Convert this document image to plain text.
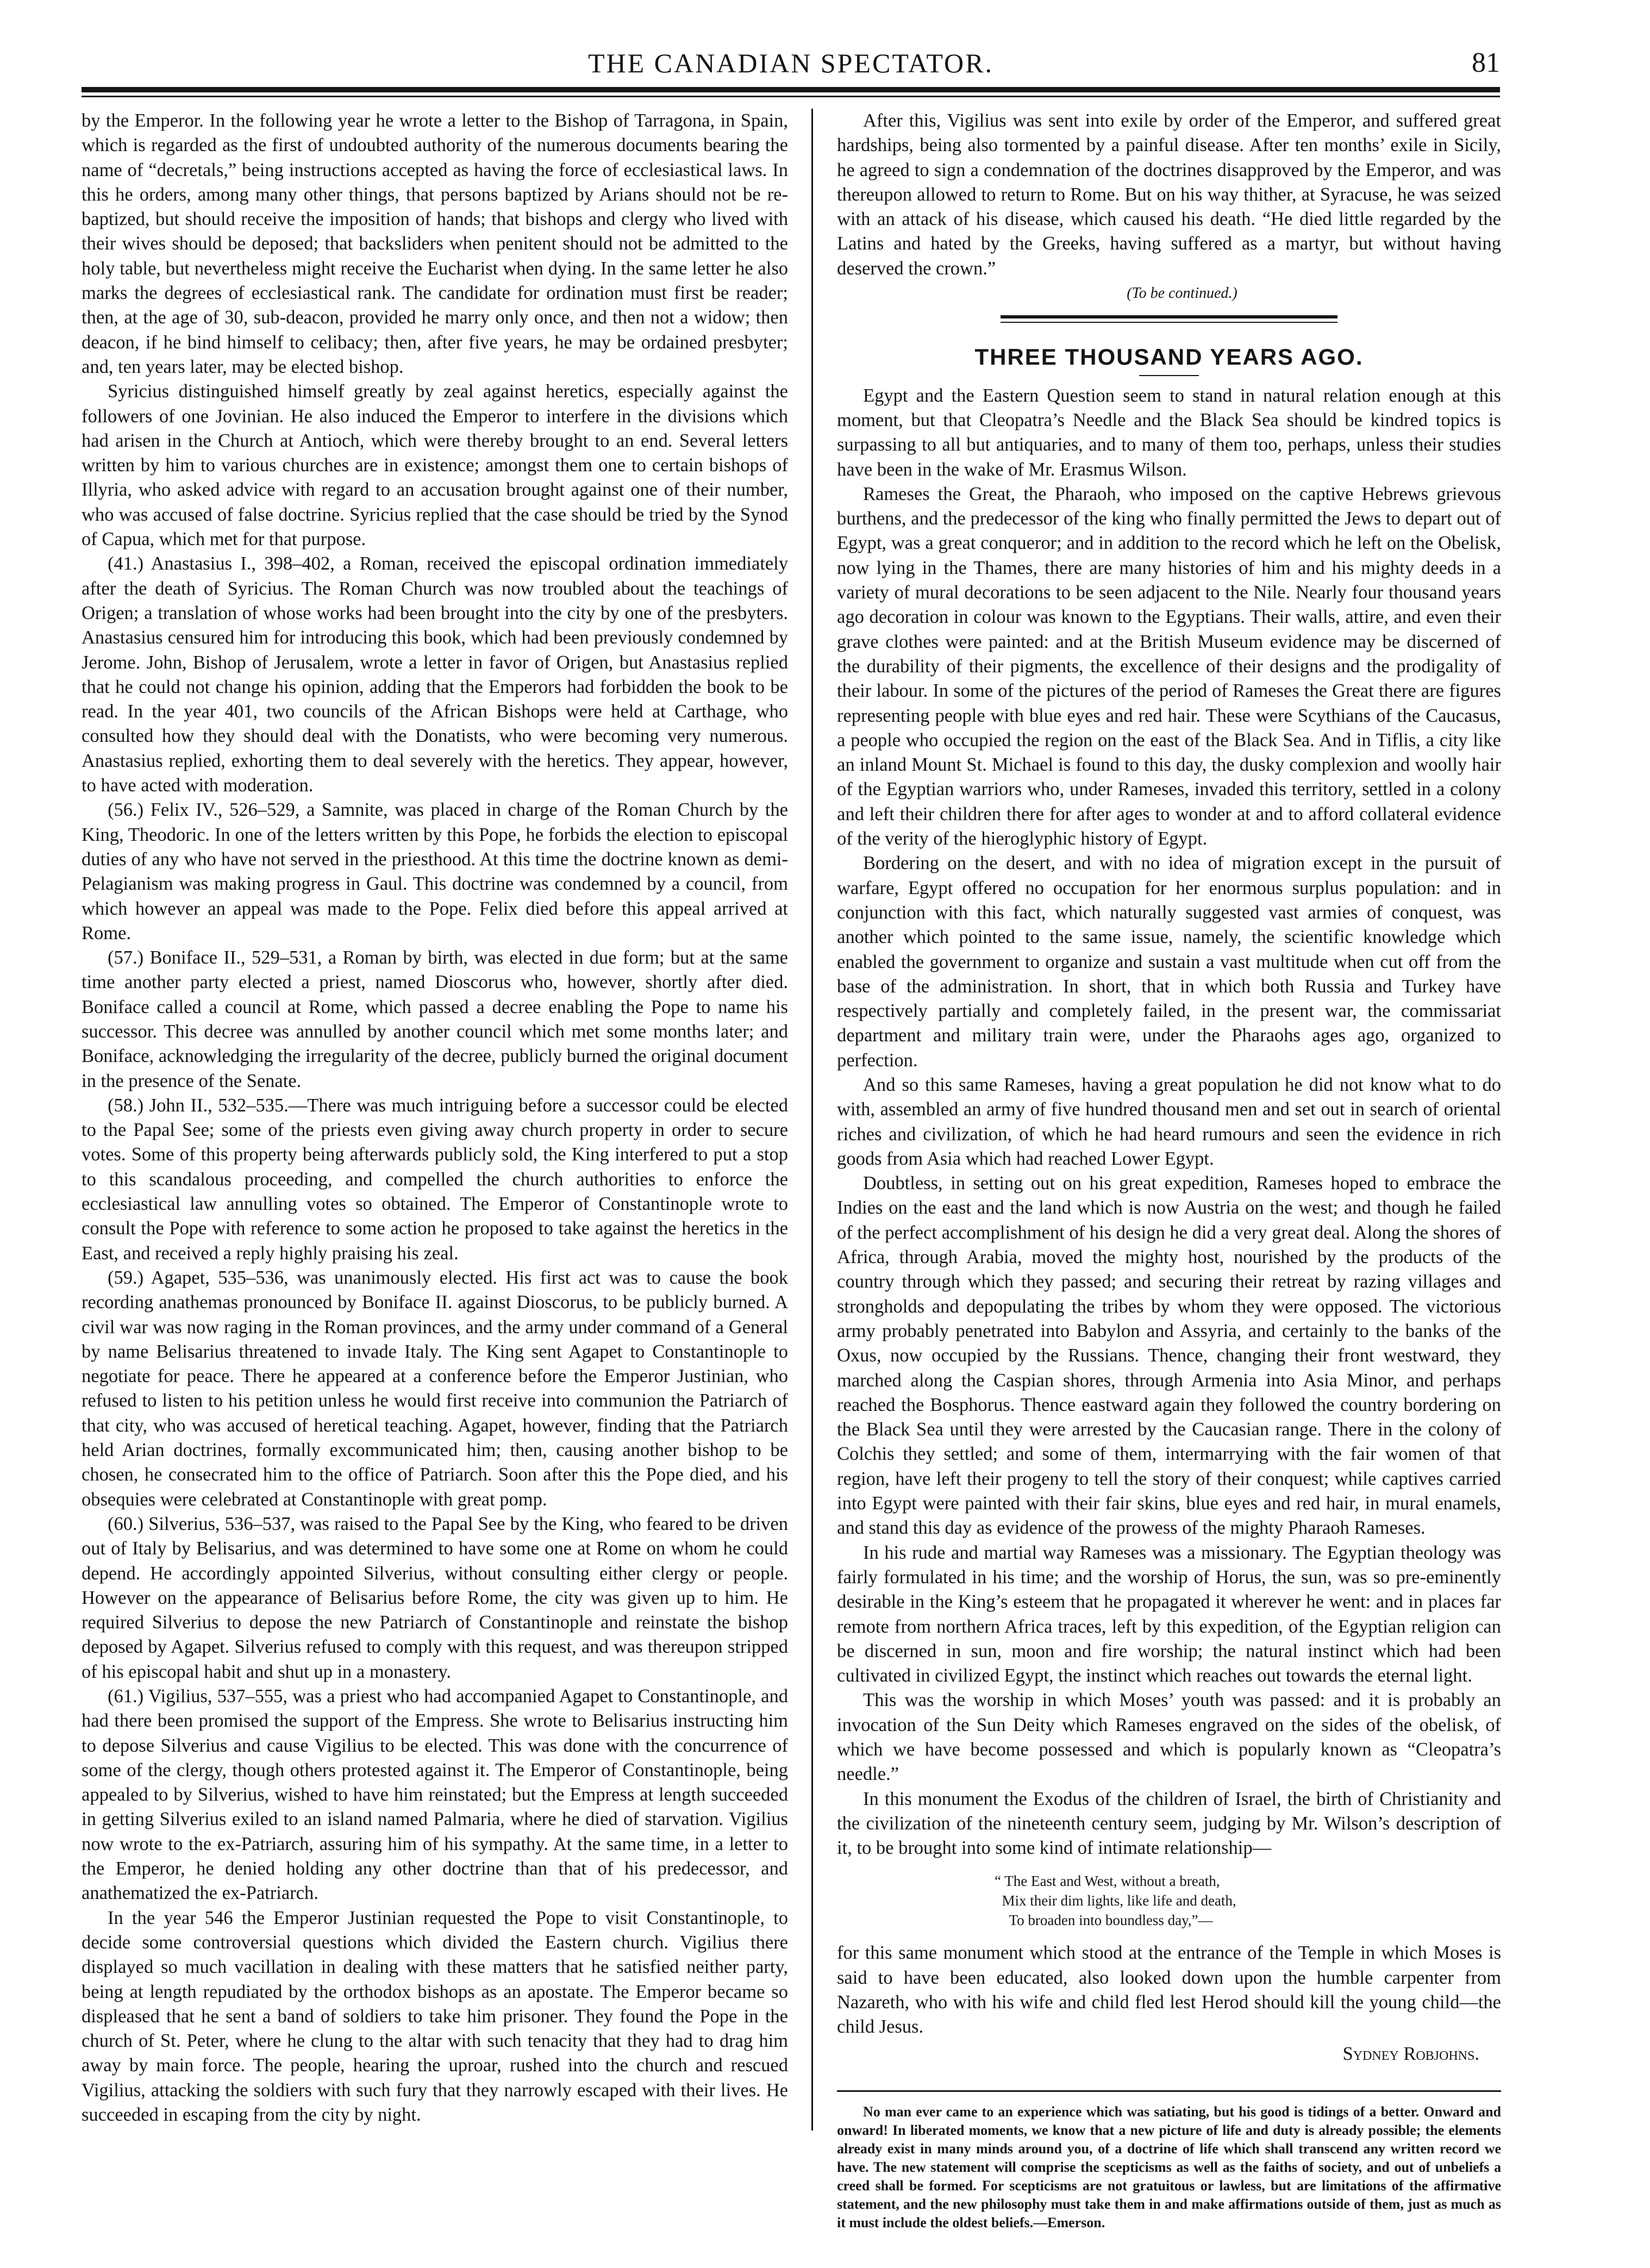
THE CANADIAN SPECTATOR.	81

by the Emperor. In the following year he wrote a letter to the Bishop of Tarragona, in Spain, which is regarded as the first of undoubted authority of the numerous documents bearing the name of “decretals,” being instructions accepted as having the force of ecclesiastical laws. In this he orders, among many other things, that persons baptized by Arians should not be re-baptized, but should receive the imposition of hands; that bishops and clergy who lived with their wives should be deposed; that backsliders when penitent should not be admitted to the holy table, but nevertheless might receive the Eucharist when dying. In the same letter he also marks the degrees of ecclesiastical rank. The candidate for ordination must first be reader; then, at the age of 30, sub-deacon, provided he marry only once, and then not a widow; then deacon, if he bind himself to celibacy; then, after five years, he may be ordained presbyter; and, ten years later, may be elected bishop.

Syricius distinguished himself greatly by zeal against heretics, especially against the followers of one Jovinian. He also induced the Emperor to interfere in the divisions which had arisen in the Church at Antioch, which were thereby brought to an end. Several letters written by him to various churches are in existence; amongst them one to certain bishops of Illyria, who asked advice with regard to an accusation brought against one of their number, who was accused of false doctrine. Syricius replied that the case should be tried by the Synod of Capua, which met for that purpose.

(41.) Anastasius I., 398–402, a Roman, received the episcopal ordination immediately after the death of Syricius. The Roman Church was now troubled about the teachings of Origen; a translation of whose works had been brought into the city by one of the presbyters. Anastasius censured him for introducing this book, which had been previously condemned by Jerome. John, Bishop of Jerusalem, wrote a letter in favor of Origen, but Anastasius replied that he could not change his opinion, adding that the Emperors had forbidden the book to be read. In the year 401, two councils of the African Bishops were held at Carthage, who consulted how they should deal with the Donatists, who were becoming very numerous. Anastasius replied, exhorting them to deal severely with the heretics. They appear, however, to have acted with moderation.

(56.) Felix IV., 526–529, a Samnite, was placed in charge of the Roman Church by the King, Theodoric. In one of the letters written by this Pope, he forbids the election to episcopal duties of any who have not served in the priesthood. At this time the doctrine known as demi-Pelagianism was making progress in Gaul. This doctrine was condemned by a council, from which however an appeal was made to the Pope. Felix died before this appeal arrived at Rome.

(57.) Boniface II., 529–531, a Roman by birth, was elected in due form; but at the same time another party elected a priest, named Dioscorus who, however, shortly after died. Boniface called a council at Rome, which passed a decree enabling the Pope to name his successor. This decree was annulled by another council which met some months later; and Boniface, acknowledging the irregularity of the decree, publicly burned the original document in the presence of the Senate.

(58.) John II., 532–535.—There was much intriguing before a successor could be elected to the Papal See; some of the priests even giving away church property in order to secure votes. Some of this property being afterwards publicly sold, the King interfered to put a stop to this scandalous proceeding, and compelled the church authorities to enforce the ecclesiastical law annulling votes so obtained. The Emperor of Constantinople wrote to consult the Pope with reference to some action he proposed to take against the heretics in the East, and received a reply highly praising his zeal.

(59.) Agapet, 535–536, was unanimously elected. His first act was to cause the book recording anathemas pronounced by Boniface II. against Dioscorus, to be publicly burned. A civil war was now raging in the Roman provinces, and the army under command of a General by name Belisarius threatened to invade Italy. The King sent Agapet to Constantinople to negotiate for peace. There he appeared at a conference before the Emperor Justinian, who refused to listen to his petition unless he would first receive into communion the Patriarch of that city, who was accused of heretical teaching. Agapet, however, finding that the Patriarch held Arian doctrines, formally excommunicated him; then, causing another bishop to be chosen, he consecrated him to the office of Patriarch. Soon after this the Pope died, and his obsequies were celebrated at Constantinople with great pomp.

(60.) Silverius, 536–537, was raised to the Papal See by the King, who feared to be driven out of Italy by Belisarius, and was determined to have some one at Rome on whom he could depend. He accordingly appointed Silverius, without consulting either clergy or people. However on the appearance of Belisarius before Rome, the city was given up to him. He required Silverius to depose the new Patriarch of Constantinople and reinstate the bishop deposed by Agapet. Silverius refused to comply with this request, and was thereupon stripped of his episcopal habit and shut up in a monastery.

(61.) Vigilius, 537–555, was a priest who had accompanied Agapet to Constantinople, and had there been promised the support of the Empress. She wrote to Belisarius instructing him to depose Silverius and cause Vigilius to be elected. This was done with the concurrence of some of the clergy, though others protested against it. The Emperor of Constantinople, being appealed to by Silverius, wished to have him reinstated; but the Empress at length succeeded in getting Silverius exiled to an island named Palmaria, where he died of starvation. Vigilius now wrote to the ex-Patriarch, assuring him of his sympathy. At the same time, in a letter to the Emperor, he denied holding any other doctrine than that of his predecessor, and anathematized the ex-Patriarch.

In the year 546 the Emperor Justinian requested the Pope to visit Constantinople, to decide some controversial questions which divided the Eastern church. Vigilius there displayed so much vacillation in dealing with these matters that he satisfied neither party, being at length repudiated by the orthodox bishops as an apostate. The Emperor became so displeased that he sent a band of soldiers to take him prisoner. They found the Pope in the church of St. Peter, where he clung to the altar with such tenacity that they had to drag him away by main force. The people, hearing the uproar, rushed into the church and rescued Vigilius, attacking the soldiers with such fury that they narrowly escaped with their lives. He succeeded in escaping from the city by night.

After this, Vigilius was sent into exile by order of the Emperor, and suffered great hardships, being also tormented by a painful disease. After ten months’ exile in Sicily, he agreed to sign a condemnation of the doctrines disapproved by the Emperor, and was thereupon allowed to return to Rome. But on his way thither, at Syracuse, he was seized with an attack of his disease, which caused his death. “He died little regarded by the Latins and hated by the Greeks, having suffered as a martyr, but without having deserved the crown.”

(To be continued.)

THREE THOUSAND YEARS AGO.

Egypt and the Eastern Question seem to stand in natural relation enough at this moment, but that Cleopatra’s Needle and the Black Sea should be kindred topics is surpassing to all but antiquaries, and to many of them too, perhaps, unless their studies have been in the wake of Mr. Erasmus Wilson.

Rameses the Great, the Pharaoh, who imposed on the captive Hebrews grievous burthens, and the predecessor of the king who finally permitted the Jews to depart out of Egypt, was a great conqueror; and in addition to the record which he left on the Obelisk, now lying in the Thames, there are many histories of him and his mighty deeds in a variety of mural decorations to be seen adjacent to the Nile. Nearly four thousand years ago decoration in colour was known to the Egyptians. Their walls, attire, and even their grave clothes were painted: and at the British Museum evidence may be discerned of the durability of their pigments, the excellence of their designs and the prodigality of their labour. In some of the pictures of the period of Rameses the Great there are figures representing people with blue eyes and red hair. These were Scythians of the Caucasus, a people who occupied the region on the east of the Black Sea. And in Tiflis, a city like an inland Mount St. Michael is found to this day, the dusky complexion and woolly hair of the Egyptian warriors who, under Rameses, invaded this territory, settled in a colony and left their children there for after ages to wonder at and to afford collateral evidence of the verity of the hieroglyphic history of Egypt.

Bordering on the desert, and with no idea of migration except in the pursuit of warfare, Egypt offered no occupation for her enormous surplus population: and in conjunction with this fact, which naturally suggested vast armies of conquest, was another which pointed to the same issue, namely, the scientific knowledge which enabled the government to organize and sustain a vast multitude when cut off from the base of the administration. In short, that in which both Russia and Turkey have respectively partially and completely failed, in the present war, the commissariat department and military train were, under the Pharaohs ages ago, organized to perfection.

And so this same Rameses, having a great population he did not know what to do with, assembled an army of five hundred thousand men and set out in search of oriental riches and civilization, of which he had heard rumours and seen the evidence in rich goods from Asia which had reached Lower Egypt.

Doubtless, in setting out on his great expedition, Rameses hoped to embrace the Indies on the east and the land which is now Austria on the west; and though he failed of the perfect accomplishment of his design he did a very great deal. Along the shores of Africa, through Arabia, moved the mighty host, nourished by the products of the country through which they passed; and securing their retreat by razing villages and strongholds and depopulating the tribes by whom they were opposed. The victorious army probably penetrated into Babylon and Assyria, and certainly to the banks of the Oxus, now occupied by the Russians. Thence, changing their front westward, they marched along the Caspian shores, through Armenia into Asia Minor, and perhaps reached the Bosphorus. Thence eastward again they followed the country bordering on the Black Sea until they were arrested by the Caucasian range. There in the colony of Colchis they settled; and some of them, intermarrying with the fair women of that region, have left their progeny to tell the story of their conquest; while captives carried into Egypt were painted with their fair skins, blue eyes and red hair, in mural enamels, and stand this day as evidence of the prowess of the mighty Pharaoh Rameses.

In his rude and martial way Rameses was a missionary. The Egyptian theology was fairly formulated in his time; and the worship of Horus, the sun, was so pre-eminently desirable in the King’s esteem that he propagated it wherever he went: and in places far remote from northern Africa traces, left by this expedition, of the Egyptian religion can be discerned in sun, moon and fire worship; the natural instinct which had been cultivated in civilized Egypt, the instinct which reaches out towards the eternal light.

This was the worship in which Moses’ youth was passed: and it is probably an invocation of the Sun Deity which Rameses engraved on the sides of the obelisk, of which we have become possessed and which is popularly known as “Cleopatra’s needle.”

In this monument the Exodus of the children of Israel, the birth of Christianity and the civilization of the nineteenth century seem, judging by Mr. Wilson’s description of it, to be brought into some kind of intimate relationship—

“ The East and West, without a breath,
Mix their dim lights, like life and death,
To broaden into boundless day,”—

for this same monument which stood at the entrance of the Temple in which Moses is said to have been educated, also looked down upon the humble carpenter from Nazareth, who with his wife and child fled lest Herod should kill the young child—the child Jesus.

Sydney Robjohns.

No man ever came to an experience which was satiating, but his good is tidings of a better. Onward and onward! In liberated moments, we know that a new picture of life and duty is already possible; the elements already exist in many minds around you, of a doctrine of life which shall transcend any written record we have. The new statement will comprise the scepticisms as well as the faiths of society, and out of unbeliefs a creed shall be formed. For scepticisms are not gratuitous or lawless, but are limitations of the affirmative statement, and the new philosophy must take them in and make affirmations outside of them, just as much as it must include the oldest beliefs.—Emerson.
